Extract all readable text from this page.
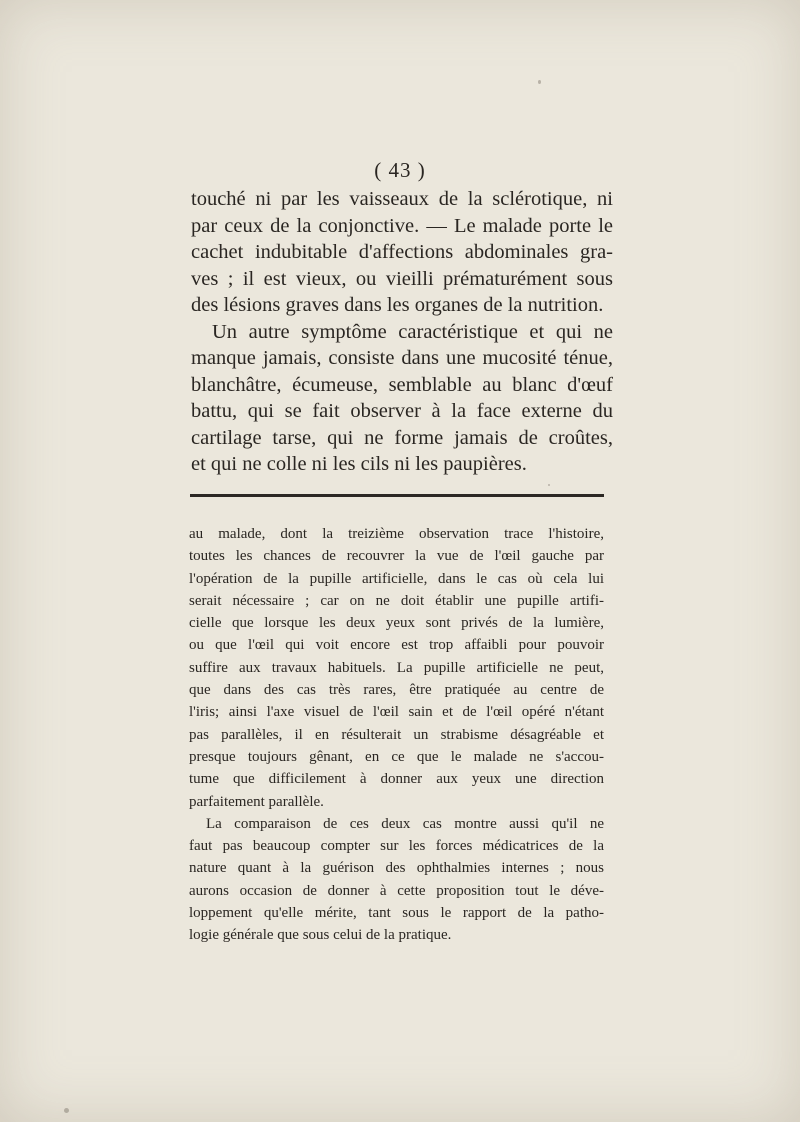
( 43 )
touché ni par les vaisseaux de la sclérotique, ni
par ceux de la conjonctive. — Le malade porte le
cachet indubitable d'affections abdominales gra-
ves ; il est vieux, ou vieilli prématurément sous
des lésions graves dans les organes de la nutrition.
Un autre symptôme caractéristique et qui ne
manque jamais, consiste dans une mucosité ténue,
blanchâtre, écumeuse, semblable au blanc d'œuf
battu, qui se fait observer à la face externe du
cartilage tarse, qui ne forme jamais de croûtes,
et qui ne colle ni les cils ni les paupières.
au malade, dont la treizième observation trace l'histoire,
toutes les chances de recouvrer la vue de l'œil gauche par
l'opération de la pupille artificielle, dans le cas où cela lui
serait nécessaire ; car on ne doit établir une pupille artifi-
cielle que lorsque les deux yeux sont privés de la lumière,
ou que l'œil qui voit encore est trop affaibli pour pouvoir
suffire aux travaux habituels. La pupille artificielle ne peut,
que dans des cas très rares, être pratiquée au centre de
l'iris; ainsi l'axe visuel de l'œil sain et de l'œil opéré n'étant
pas parallèles, il en résulterait un strabisme désagréable et
presque toujours gênant, en ce que le malade ne s'accou-
tume que difficilement à donner aux yeux une direction
parfaitement parallèle.
La comparaison de ces deux cas montre aussi qu'il ne
faut pas beaucoup compter sur les forces médicatrices de la
nature quant à la guérison des ophthalmies internes ; nous
aurons occasion de donner à cette proposition tout le déve-
loppement qu'elle mérite, tant sous le rapport de la patho-
logie générale que sous celui de la pratique.
